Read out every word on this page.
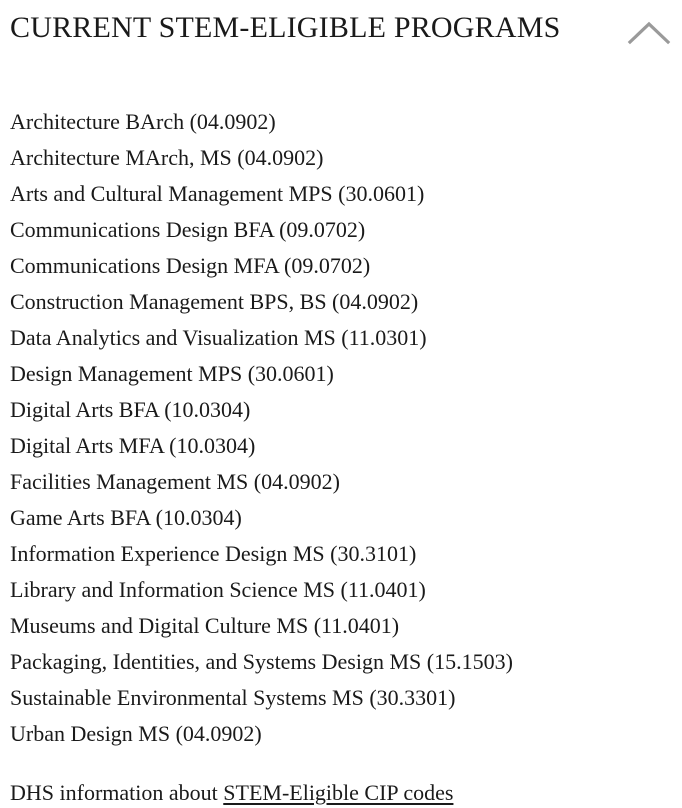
CURRENT STEM-ELIGIBLE PROGRAMS
Architecture BArch (04.0902)
Architecture MArch, MS (04.0902)
Arts and Cultural Management MPS (30.0601)
Communications Design BFA (09.0702)
Communications Design MFA (09.0702)
Construction Management BPS, BS (04.0902)
Data Analytics and Visualization MS (11.0301)
Design Management MPS (30.0601)
Digital Arts BFA (10.0304)
Digital Arts MFA (10.0304)
Facilities Management MS (04.0902)
Game Arts BFA (10.0304)
Information Experience Design MS (30.3101)
Library and Information Science MS (11.0401)
Museums and Digital Culture MS (11.0401)
Packaging, Identities, and Systems Design MS (15.1503)
Sustainable Environmental Systems MS (30.3301)
Urban Design MS (04.0902)

DHS information about STEM-Eligible CIP codes
